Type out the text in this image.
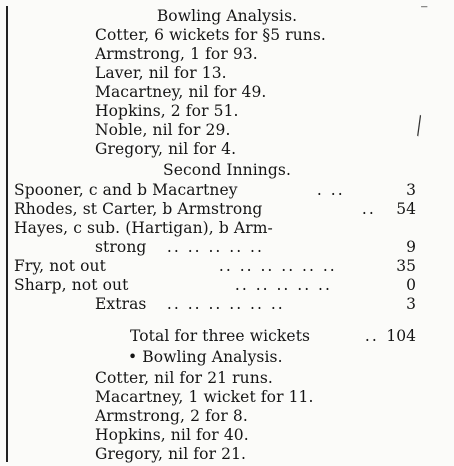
Bowling Analysis.
Cotter, 6 wickets for §5 runs.
Armstrong, 1 for 93.
Laver, nil for 13.
Macartney, nil for 49.
Hopkins, 2 for 51.
Noble, nil for 29.
Gregory, nil for 4.
Second Innings.
Spooner, c and b Macartney	. ..	3
Rhodes, st Carter, b Armstrong	..	54
Hayes, c sub. (Hartigan), b Arm-
strong .. .. .. .. ..	9
Fry, not out	.. .. .. .. .. ..	35
Sharp, not out	.. .. .. .. ..	0
Extras .. .. .. .. .. ..	3
Total for three wickets	.. 104
• Bowling Analysis.
Cotter, nil for 21 runs.
Macartney, 1 wicket for 11.
Armstrong, 2 for 8.
Hopkins, nil for 40.
Gregory, nil for 21.
⁻
╲
